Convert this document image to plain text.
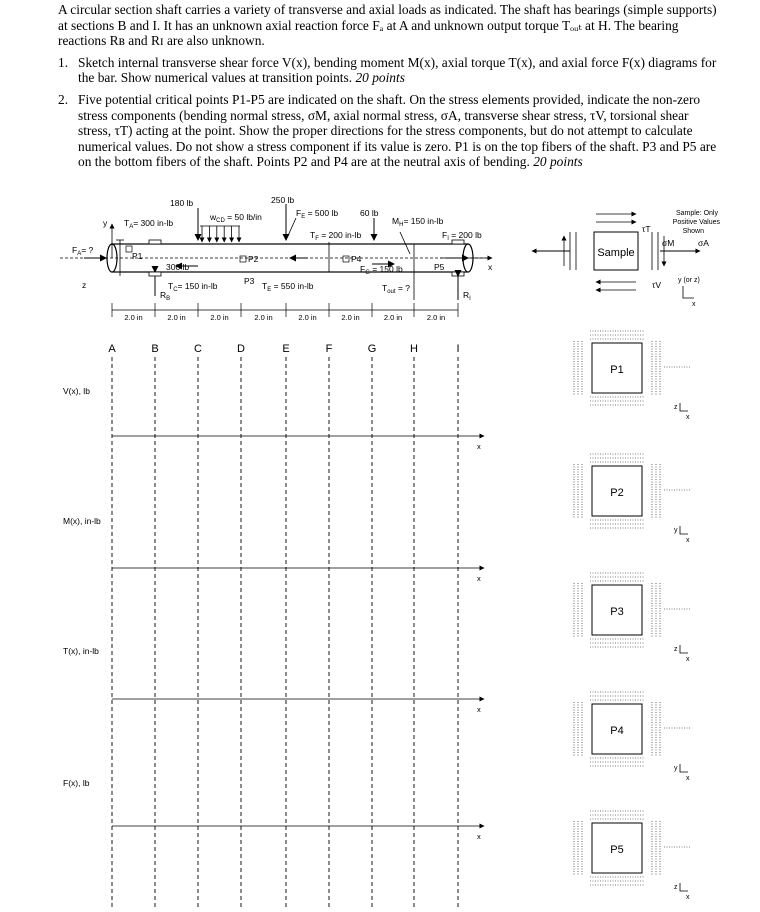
A circular section shaft carries a variety of transverse and axial loads as indicated. The shaft has bearings (simple supports) at sections B and I. It has an unknown axial reaction force Fₐ at A and unknown output torque Tₒᵤₜ at H. The bearing reactions Rʙ and Rɪ are also unknown.

1. Sketch internal transverse shear force V(x), bending moment M(x), axial torque T(x), and axial force F(x) diagrams for the bar. Show numerical values at transition points. 20 points
2. Five potential critical points P1-P5 are indicated on the shaft. On the stress elements provided, indicate the non-zero stress components (bending normal stress, σM, axial normal stress, σA, transverse shear stress, τV, torsional shear stress, τT) acting at the point. Show the proper directions for the stress components, but do not attempt to calculate numerical values. Do not show a stress component if its value is zero. P1 is on the top fibers of the shaft. P3 and P5 are on the bottom fibers of the shaft. Points P2 and P4 are at the neutral axis of bending. 20 points
x
y
z
$F_A=$ ?
$T_A= 300$ in-lb
P1
$R_B$
180 lb
300 lb
$T_C= 150$ in-lb
$w_{CD} = 50$ lb/in
P2
P3
250 lb
$F_E = 500$ lb
$T_E = 550$ in-lb
60 lb
$T_F = 200$ in-lb
P4
$F_G = 150$ lb
$M_H= 150$ in-lb
P5
$T_{out}$ = ?
$F_I = 200$ lb
$R_I$
2.0 in	2.0 in	2.0 in	2.0 in	2.0 in	2.0 in	2.0 in	2.0 in
A	B	C	D	E	F	G	H	I
V(x), lb
x
M(x), in-lb
x
T(x), in-lb
x
F(x), lb
x
Sample: Only
Positive Values
Shown
Sample
σM	σA
τT
τV y (or z)
x
P1
z
x
P2
y
x
P3
z
x
P4
y
x
P5
z
x
